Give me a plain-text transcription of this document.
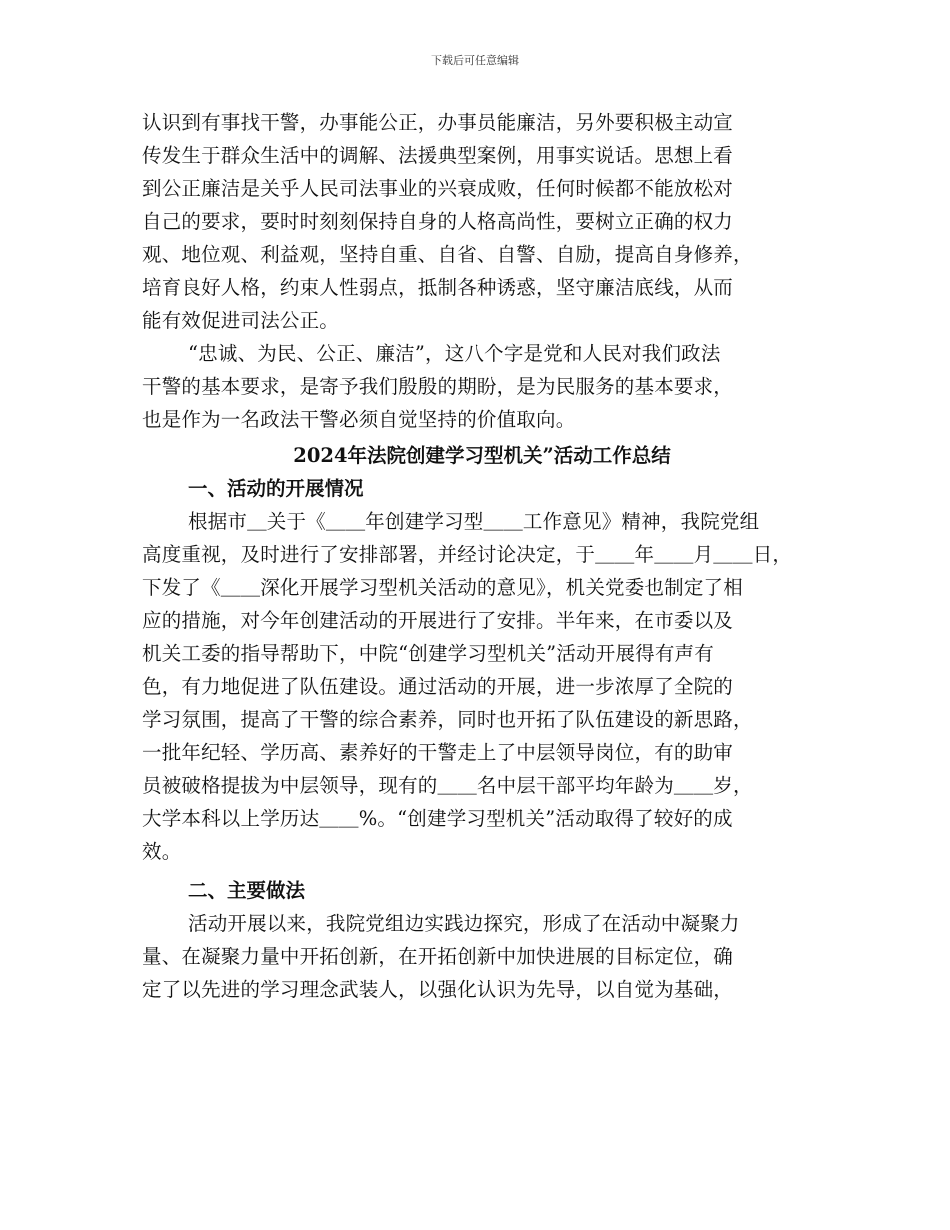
下载后可任意编辑
认识到有事找干警，办事能公正，办事员能廉洁，另外要积极主动宣
传发生于群众生活中的调解、法援典型案例，用事实说话。思想上看
到公正廉洁是关乎人民司法事业的兴衰成败，任何时候都不能放松对
自己的要求，要时时刻刻保持自身的人格高尚性，要树立正确的权力
观、地位观、利益观，坚持自重、自省、自警、自励，提高自身修养，
培育良好人格，约束人性弱点，抵制各种诱惑，坚守廉洁底线，从而
能有效促进司法公正。
“忠诚、为民、公正、廉洁”，这八个字是党和人民对我们政法
干警的基本要求，是寄予我们殷殷的期盼，是为民服务的基本要求，
也是作为一名政法干警必须自觉坚持的价值取向。
2024年法院创建学习型机关”活动工作总结
一、活动的开展情况
根据市＿关于《＿＿年创建学习型＿＿工作意见》精神，我院党组
高度重视，及时进行了安排部署，并经讨论决定，于＿＿年＿＿月＿＿日，
下发了《＿＿深化开展学习型机关活动的意见》，机关党委也制定了相
应的措施，对今年创建活动的开展进行了安排。半年来，在市委以及
机关工委的指导帮助下，中院“创建学习型机关”活动开展得有声有
色，有力地促进了队伍建设。通过活动的开展，进一步浓厚了全院的
学习氛围，提高了干警的综合素养，同时也开拓了队伍建设的新思路，
一批年纪轻、学历高、素养好的干警走上了中层领导岗位，有的助审
员被破格提拔为中层领导，现有的＿＿名中层干部平均年龄为＿＿岁，
大学本科以上学历达＿＿%。“创建学习型机关”活动取得了较好的成
效。
二、主要做法
活动开展以来，我院党组边实践边探究，形成了在活动中凝聚力
量、在凝聚力量中开拓创新，在开拓创新中加快进展的目标定位，确
定了以先进的学习理念武装人，以强化认识为先导，以自觉为基础，
